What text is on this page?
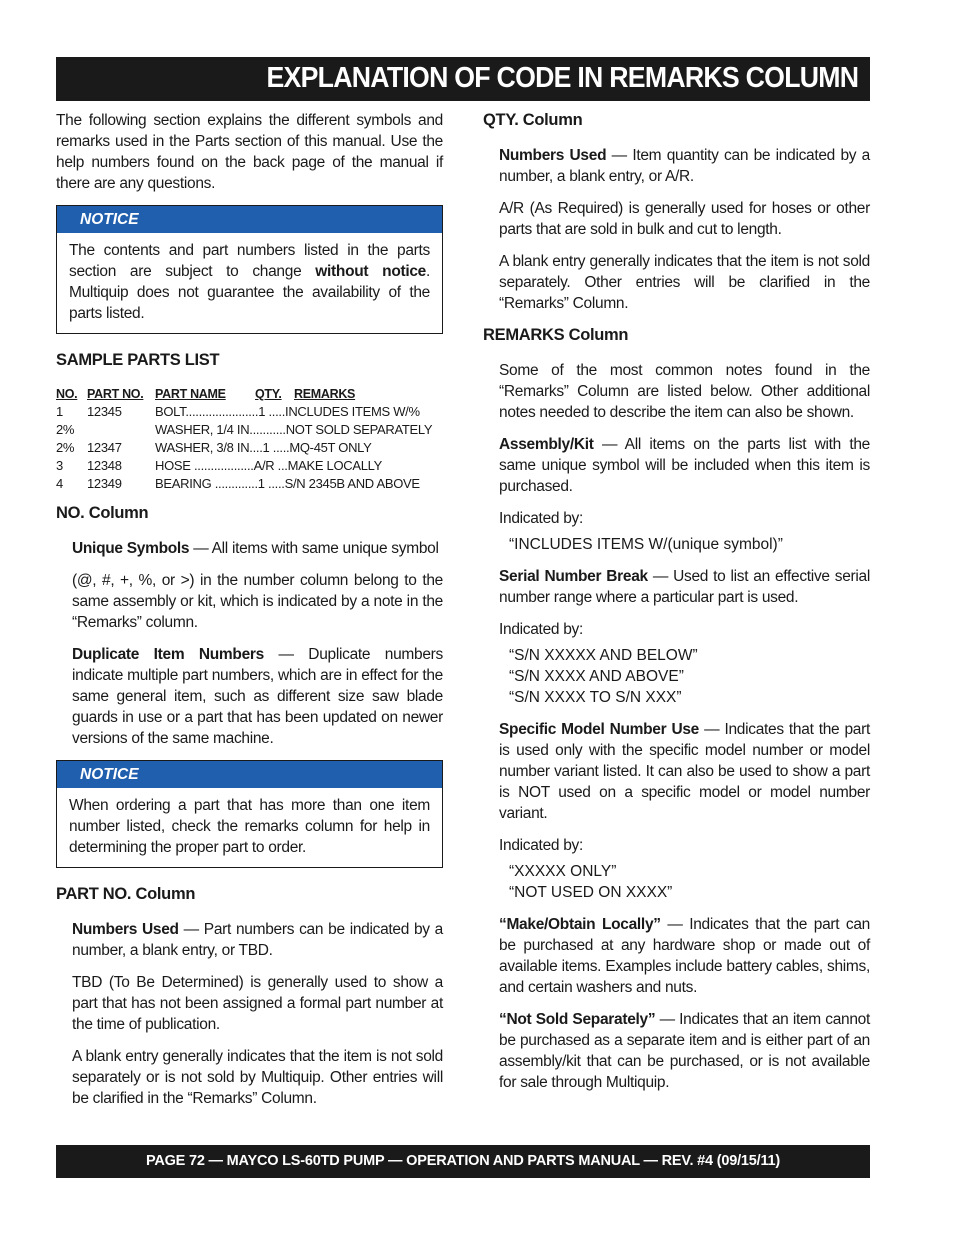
EXPLANATION OF CODE IN REMARKS COLUMN

The following section explains the different symbols and remarks used in the Parts section of this manual. Use the help numbers found on the back page of the manual if there are any questions.

NOTICE
The contents and part numbers listed in the parts section are subject to change without notice. Multiquip does not guarantee the availability of the parts listed.
SAMPLE PARTS LIST
NO. PART NO. PART NAME QTY. REMARKS
1 12345	BOLT......................1 .....INCLUDES ITEMS W/%
2%	WASHER, 1/4 IN...........NOT SOLD SEPARATELY
2% 12347	WASHER, 3/8 IN....1 .....MQ-45T ONLY
3 12348	HOSE ..................A/R ...MAKE LOCALLY
4 12349	BEARING .............1 .....S/N 2345B AND ABOVE
NO. Column

Unique Symbols — All items with same unique symbol

(@, #, +, %, or >) in the number column belong to the same assembly or kit, which is indicated by a note in the “Remarks” column.

Duplicate Item Numbers — Duplicate numbers indicate multiple part numbers, which are in effect for the same general item, such as different size saw blade guards in use or a part that has been updated on newer versions of the same machine.

NOTICE
When ordering a part that has more than one item number listed, check the remarks column for help in determining the proper part to order.
PART NO. Column

Numbers Used — Part numbers can be indicated by a number, a blank entry, or TBD.

TBD (To Be Determined) is generally used to show a part that has not been assigned a formal part number at the time of publication.

A blank entry generally indicates that the item is not sold separately or is not sold by Multiquip. Other entries will be clarified in the “Remarks” Column.

QTY. Column

Numbers Used — Item quantity can be indicated by a number, a blank entry, or A/R.

A/R (As Required) is generally used for hoses or other parts that are sold in bulk and cut to length.

A blank entry generally indicates that the item is not sold separately. Other entries will be clarified in the “Remarks” Column.

REMARKS Column

Some of the most common notes found in the “Remarks” Column are listed below. Other additional notes needed to describe the item can also be shown.

Assembly/Kit — All items on the parts list with the same unique symbol will be included when this item is purchased.

Indicated by:

“INCLUDES ITEMS W/(unique symbol)”

Serial Number Break — Used to list an effective serial number range where a particular part is used.

Indicated by:

“S/N XXXXX AND BELOW”
“S/N XXXX AND ABOVE”
“S/N XXXX TO S/N XXX”

Specific Model Number Use — Indicates that the part is used only with the specific model number or model number variant listed. It can also be used to show a part is NOT used on a specific model or model number variant.

Indicated by:

“XXXXX ONLY”
“NOT USED ON XXXX”

“Make/Obtain Locally” — Indicates that the part can be purchased at any hardware shop or made out of available items. Examples include battery cables, shims, and certain washers and nuts.

“Not Sold Separately” — Indicates that an item cannot be purchased as a separate item and is either part of an assembly/kit that can be purchased, or is not available for sale through Multiquip.

PAGE 72 — MAYCO LS-60TD PUMP — OPERATION AND PARTS MANUAL — REV. #4 (09/15/11)
